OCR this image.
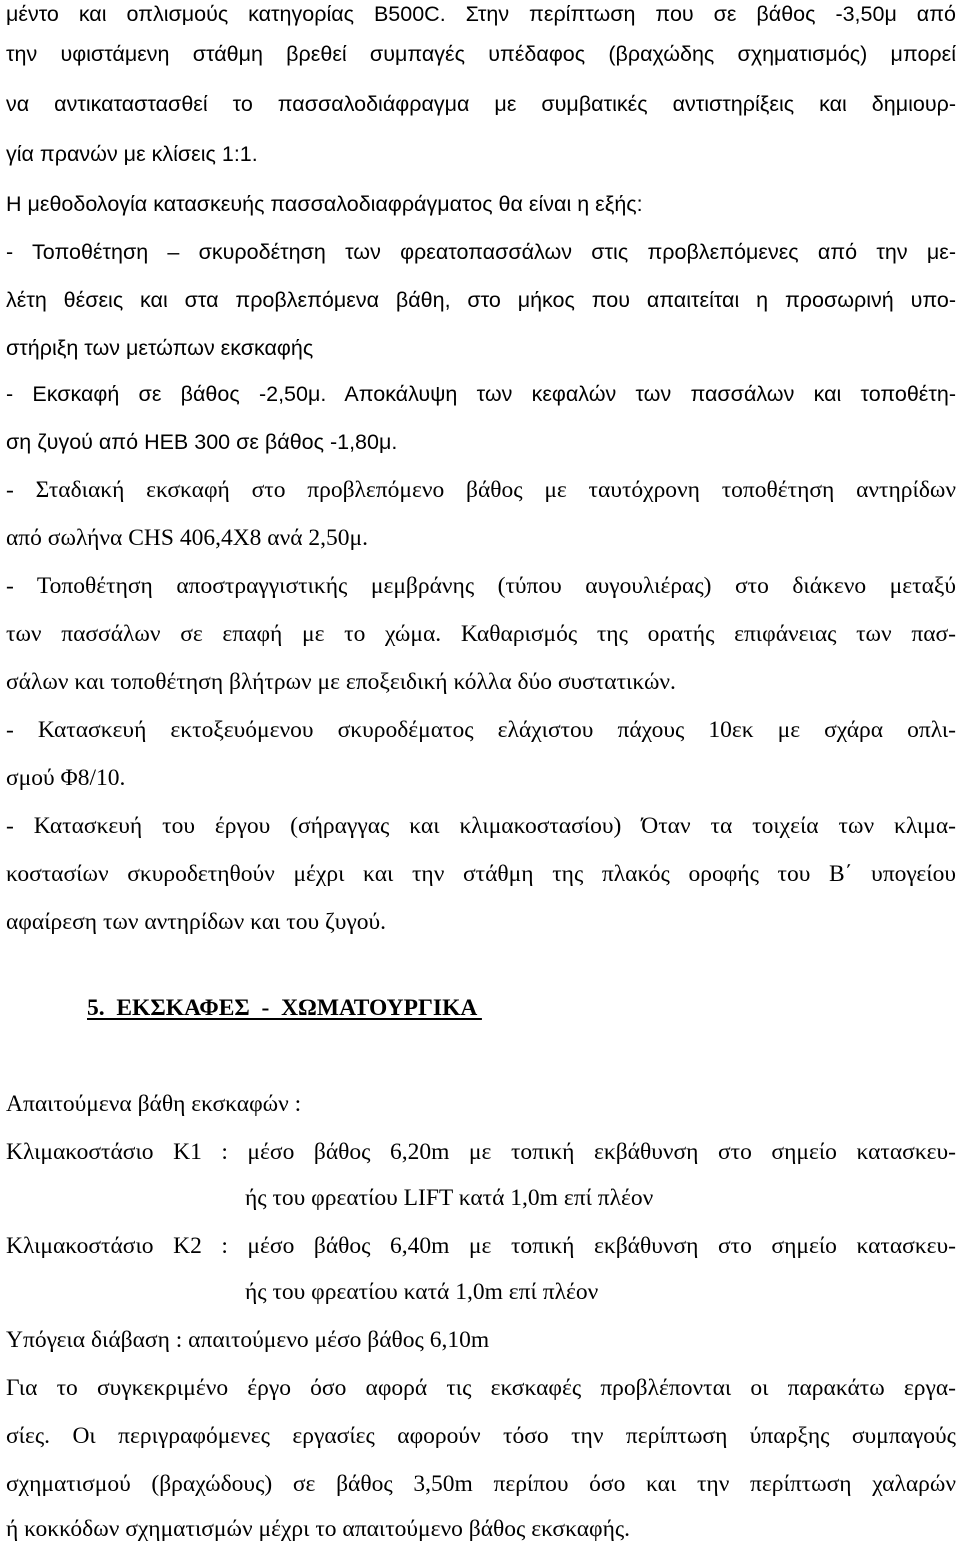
μέντο και οπλισμούς κατηγορίας Β500C. Στην περίπτωση που σε βάθος -3,50μ από
την υφιστάμενη στάθμη βρεθεί συμπαγές υπέδαφος (βραχώδης σχηματισμός) μπορεί
να αντικαταστασθεί το πασσαλοδιάφραγμα με συμβατικές αντιστηρίξεις και δημιουρ-
γία πρανών με κλίσεις 1:1.
Η μεθοδολογία κατασκευής πασσαλοδιαφράγματος θα είναι η εξής:
- Τοποθέτηση – σκυροδέτηση των φρεατοπασσάλων στις προβλεπόμενες από την με-
λέτη θέσεις και στα προβλεπόμενα βάθη, στο μήκος που απαιτείται η προσωρινή υπο-
στήριξη των μετώπων εκσκαφής
- Εκσκαφή σε βάθος -2,50μ. Αποκάλυψη των κεφαλών των πασσάλων και τοποθέτη-
ση ζυγού από HEB 300 σε βάθος -1,80μ.
- Σταδιακή εκσκαφή στο προβλεπόμενο βάθος με ταυτόχρονη τοποθέτηση αντηρίδων
από σωλήνα CHS 406,4X8 ανά 2,50μ.
- Τοποθέτηση αποστραγγιστικής μεμβράνης (τύπου αυγουλιέρας) στο διάκενο μεταξύ
των πασσάλων σε επαφή με το χώμα. Καθαρισμός της ορατής επιφάνειας των πασ-
σάλων και τοποθέτηση βλήτρων με εποξειδική κόλλα δύο συστατικών.
- Κατασκευή εκτοξευόμενου σκυροδέματος ελάχιστου πάχους 10εκ με σχάρα οπλι-
σμού Φ8/10.
- Κατασκευή του έργου (σήραγγας και κλιμακοστασίου) Όταν τα τοιχεία των κλιμα-
κοστασίων σκυροδετηθούν μέχρι και την στάθμη της πλακός οροφής του Β΄ υπογείου
αφαίρεση των αντηρίδων και του ζυγού.
5.  ΕΚΣΚΑΦΕΣ  -  ΧΩΜΑΤΟΥΡΓΙΚΑ
Απαιτούμενα βάθη εκσκαφών :
Κλιμακοστάσιο Κ1 : μέσο βάθος 6,20m με τοπική εκβάθυνση στο σημείο κατασκευ-
ής του φρεατίου LIFT κατά 1,0m επί πλέον
Κλιμακοστάσιο Κ2 : μέσο βάθος 6,40m με τοπική εκβάθυνση στο σημείο κατασκευ-
ής του φρεατίου κατά 1,0m επί πλέον
Υπόγεια διάβαση : απαιτούμενο μέσο βάθος 6,10m
Για το συγκεκριμένο έργο όσο αφορά τις εκσκαφές προβλέπονται οι παρακάτω εργα-
σίες. Οι περιγραφόμενες εργασίες αφορούν τόσο την περίπτωση ύπαρξης συμπαγούς
σχηματισμού (βραχώδους) σε βάθος 3,50m περίπου όσο και την περίπτωση χαλαρών
ή κοκκόδων σχηματισμών μέχρι το απαιτούμενο βάθος εκσκαφής.
